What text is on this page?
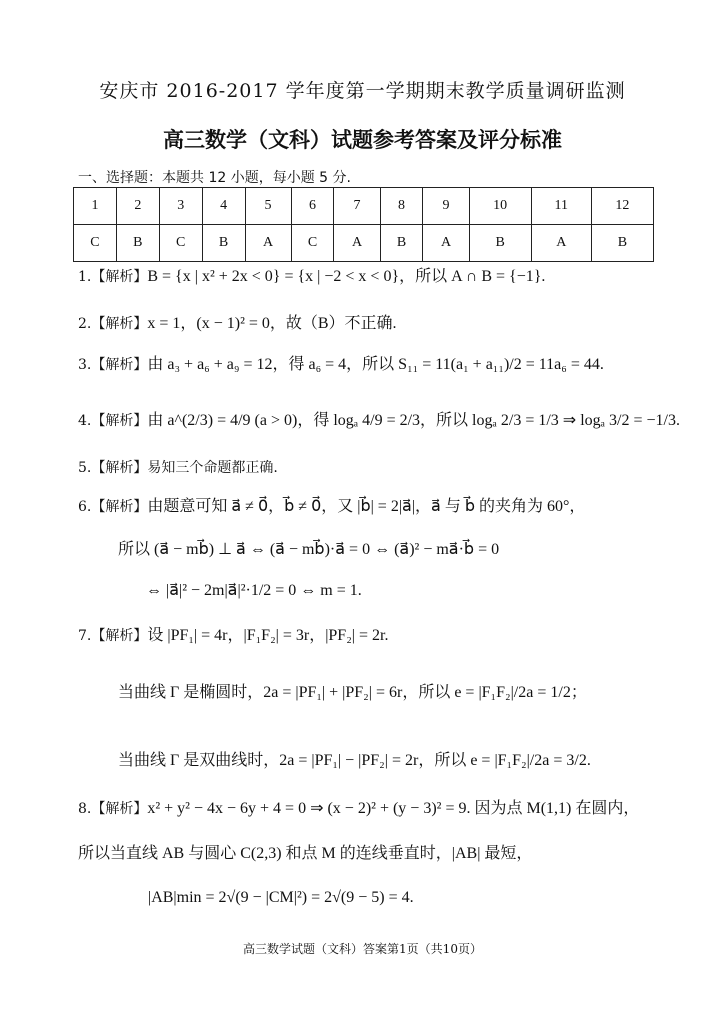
安庆市 2016-2017 学年度第一学期期末教学质量调研监测
高三数学（文科）试题参考答案及评分标准
一、选择题：本题共 12 小题，每小题 5 分.
1	2	3	4	5	6	7	8	9	10	11	12
C	B	C	B	A	C	A	B	A	B	A	B
1.【解析】B = {x | x² + 2x < 0} = {x | −2 < x < 0}，所以 A ∩ B = {−1}.
2.【解析】x = 1，(x − 1)² = 0，故（B）不正确.
3.【解析】由 a₃ + a₆ + a₉ = 12，得 a₆ = 4，所以 S₁₁ = 11(a₁ + a₁₁)/2 = 11a₆ = 44.
4.【解析】由 a^(2/3) = 4/9 (a > 0)，得 logₐ 4/9 = 2/3，所以 logₐ 2/3 = 1/3 ⇒ logₐ 3/2 = −1/3.
5.【解析】易知三个命题都正确.
6.【解析】由题意可知 a⃗ ≠ 0⃗，b⃗ ≠ 0⃗，又 |b⃗| = 2|a⃗|，a⃗ 与 b⃗ 的夹角为 60°，
所以 (a⃗ − mb⃗) ⊥ a⃗ ⇔ (a⃗ − mb⃗)·a⃗ = 0 ⇔ (a⃗)² − ma⃗·b⃗ = 0
⇔ |a⃗|² − 2m|a⃗|²·1/2 = 0 ⇔ m = 1.
7.【解析】设 |PF₁| = 4r，|F₁F₂| = 3r，|PF₂| = 2r.
当曲线 Γ 是椭圆时，2a = |PF₁| + |PF₂| = 6r，所以 e = |F₁F₂|/2a = 1/2；
当曲线 Γ 是双曲线时，2a = |PF₁| − |PF₂| = 2r，所以 e = |F₁F₂|/2a = 3/2.
8.【解析】x² + y² − 4x − 6y + 4 = 0 ⇒ (x − 2)² + (y − 3)² = 9. 因为点 M(1,1) 在圆内，
所以当直线 AB 与圆心 C(2,3) 和点 M 的连线垂直时，|AB| 最短，
|AB|min = 2√(9 − |CM|²) = 2√(9 − 5) = 4.
高三数学试题（文科）答案第1页（共10页）
